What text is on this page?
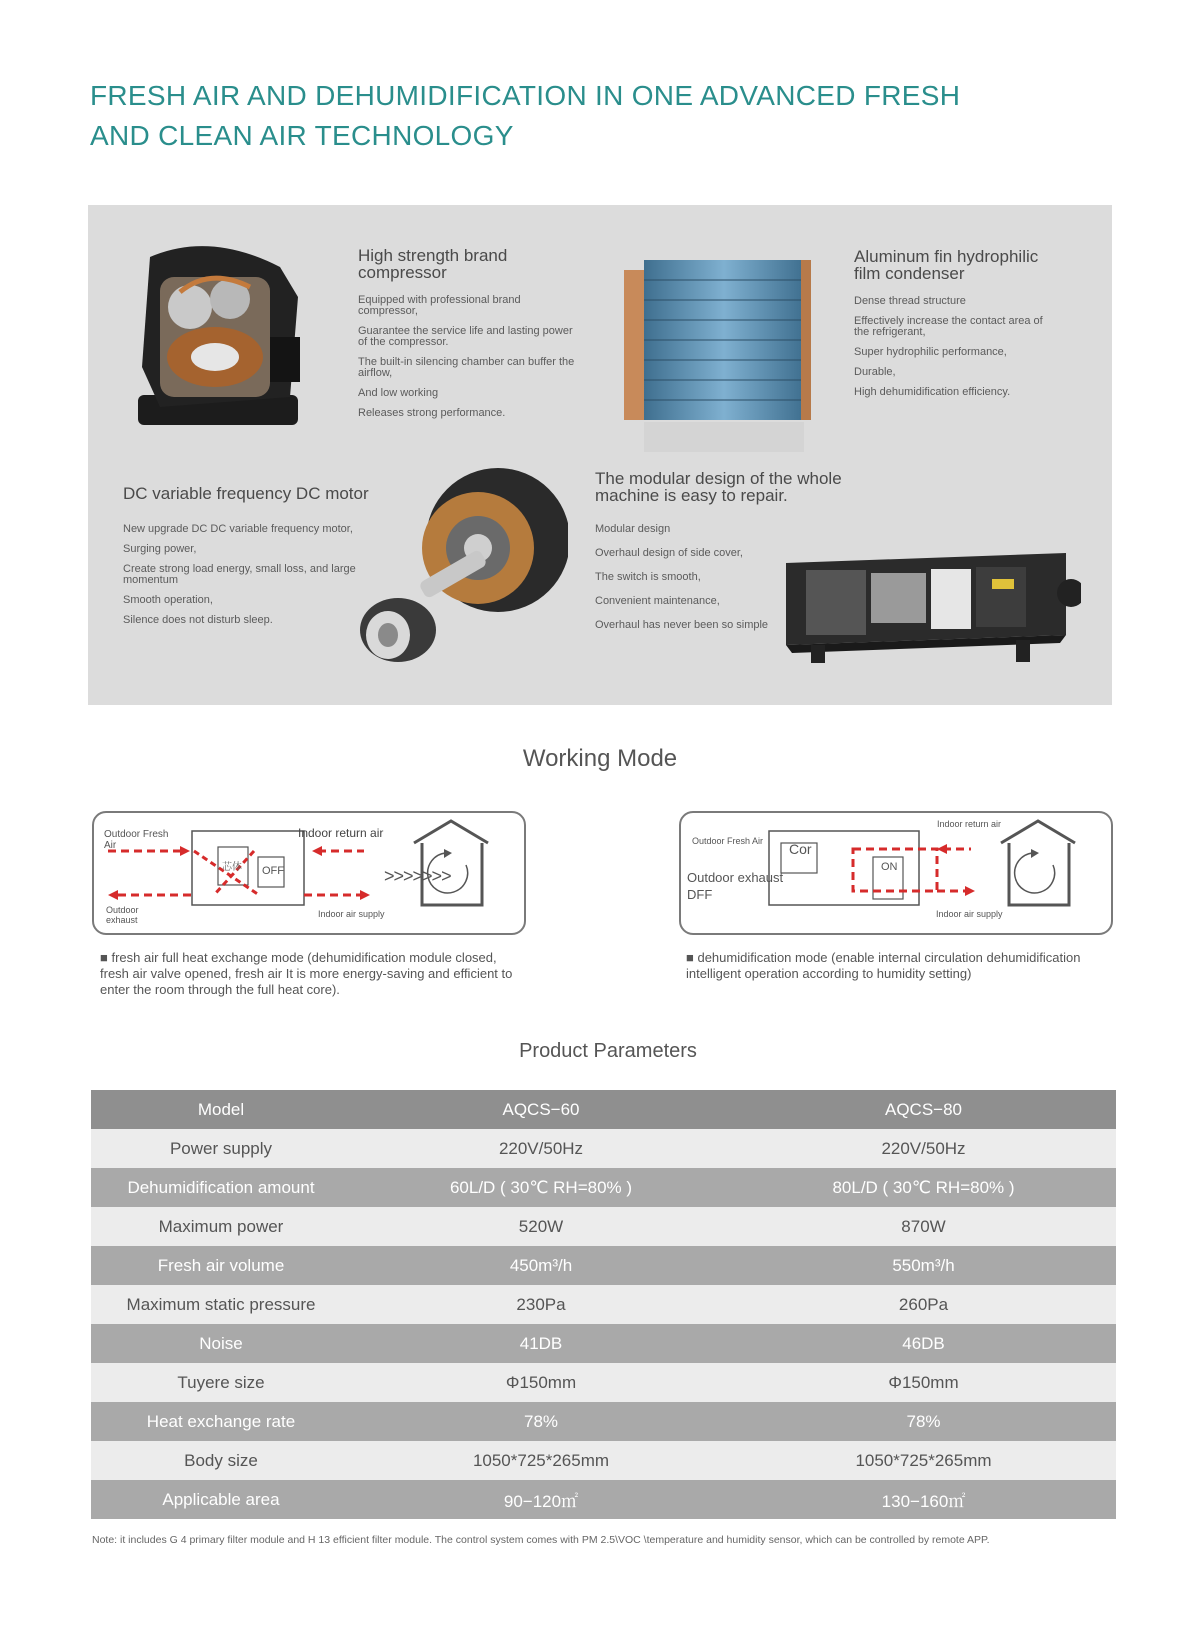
FRESH AIR AND DEHUMIDIFICATION IN ONE ADVANCED FRESH
AND CLEAN AIR TECHNOLOGY
High strength brand
compressor
Equipped with professional brand compressor,
Guarantee the service life and lasting power of the compressor.
The built-in silencing chamber can buffer the airflow,
And low working
Releases strong performance.
Aluminum fin hydrophilic
film condenser
Dense thread structure
Effectively increase the contact area of the refrigerant,
Super hydrophilic performance,
Durable,
High dehumidification efficiency.
DC variable frequency DC motor
New upgrade DC DC variable frequency motor,
Surging power,
Create strong load energy, small loss, and large momentum
Smooth operation,
Silence does not disturb sleep.
The modular design of the whole
machine is easy to repair.
Modular design
Overhaul design of side cover,
The switch is smooth,
Convenient maintenance,
Overhaul has never been so simple
Working Mode
Outdoor Fresh Air
Indoor return air
芯体 OFF	>>>>>>>
Outdoor exhaust
Indoor air supply
■ fresh air full heat exchange mode (dehumidification module closed, fresh air valve opened, fresh air It is more energy-saving and efficient to enter the room through the full heat core).
Outdoor Fresh Air Cor
Outdoor exhaust
DFF
Indoor return air
ON
Indoor air supply
■ dehumidification mode (enable internal circulation dehumidification intelligent operation according to humidity setting)
Product Parameters
Model	AQCS−60	AQCS−80
Power supply	220V/50Hz	220V/50Hz
Dehumidification amount	60L/D ( 30℃ RH=80% )	80L/D ( 30℃ RH=80% )
Maximum power	520W	870W
Fresh air volume	450m³/h	550m³/h
Maximum static pressure	230Pa	260Pa
Noise	41DB	46DB
Tuyere size	Φ150mm	Φ150mm
Heat exchange rate	78%	78%
Body size	1050*725*265mm	1050*725*265mm
Applicable area	90−120㎡	130−160㎡
Note: it includes G 4 primary filter module and H 13 efficient filter module. The control system comes with PM 2.5\VOC \temperature and humidity sensor, which can be controlled by remote APP.
